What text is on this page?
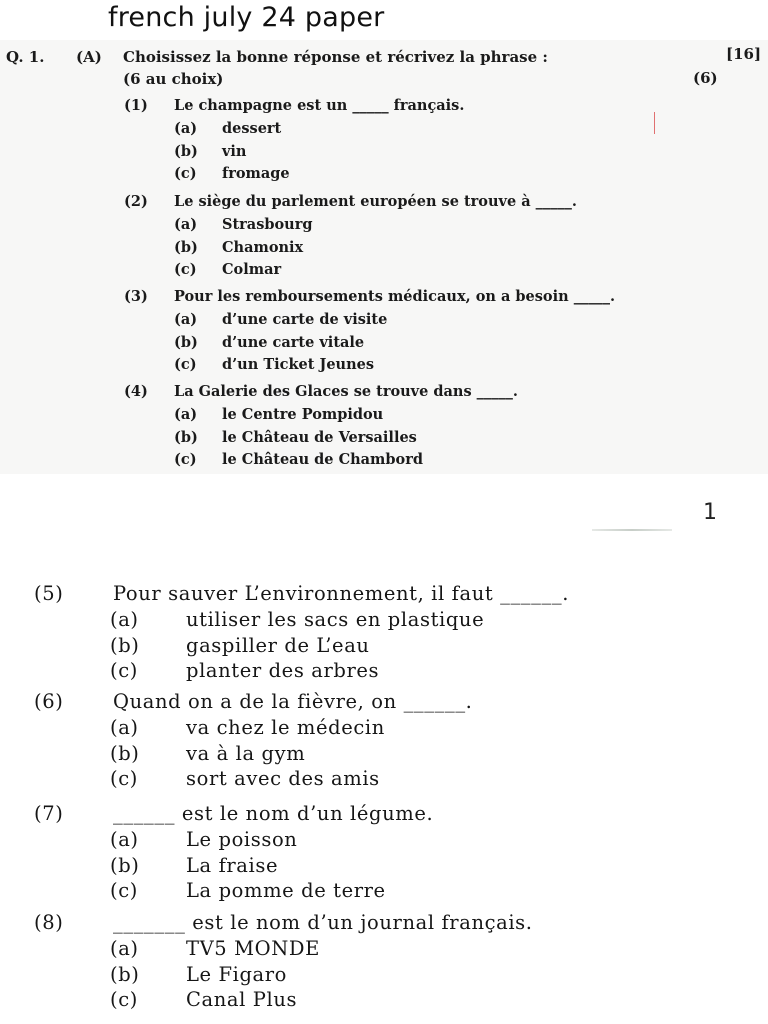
french july 24 paper
Q. 1. (A) Choisissez la bonne réponse et récrivez la phrase :
(6 au choix)
[16]
(6)
(1) Le champagne est un _____ français.
(a) dessert
(b) vin
(c) fromage
(2) Le siège du parlement européen se trouve à _____.
(a) Strasbourg
(b) Chamonix
(c) Colmar
(3) Pour les remboursements médicaux, on a besoin _____.
(a) d’une carte de visite
(b) d’une carte vitale
(c) d’un Ticket Jeunes
(4) La Galerie des Glaces se trouve dans _____.
(a) le Centre Pompidou
(b) le Château de Versailles
(c) le Château de Chambord
1
(5)	Pour sauver L’environnement, il faut ______.
(a) utiliser les sacs en plastique
(b) gaspiller de L’eau
(c) planter des arbres
(6)	Quand on a de la fièvre, on ______.
(a) va chez le médecin
(b) va à la gym
(c) sort avec des amis
(7)	______ est le nom d’un légume.
(a) Le poisson
(b) La fraise
(c) La pomme de terre
(8)	_______ est le nom d’un journal français.
(a) TV5 MONDE
(b) Le Figaro
(c) Canal Plus
